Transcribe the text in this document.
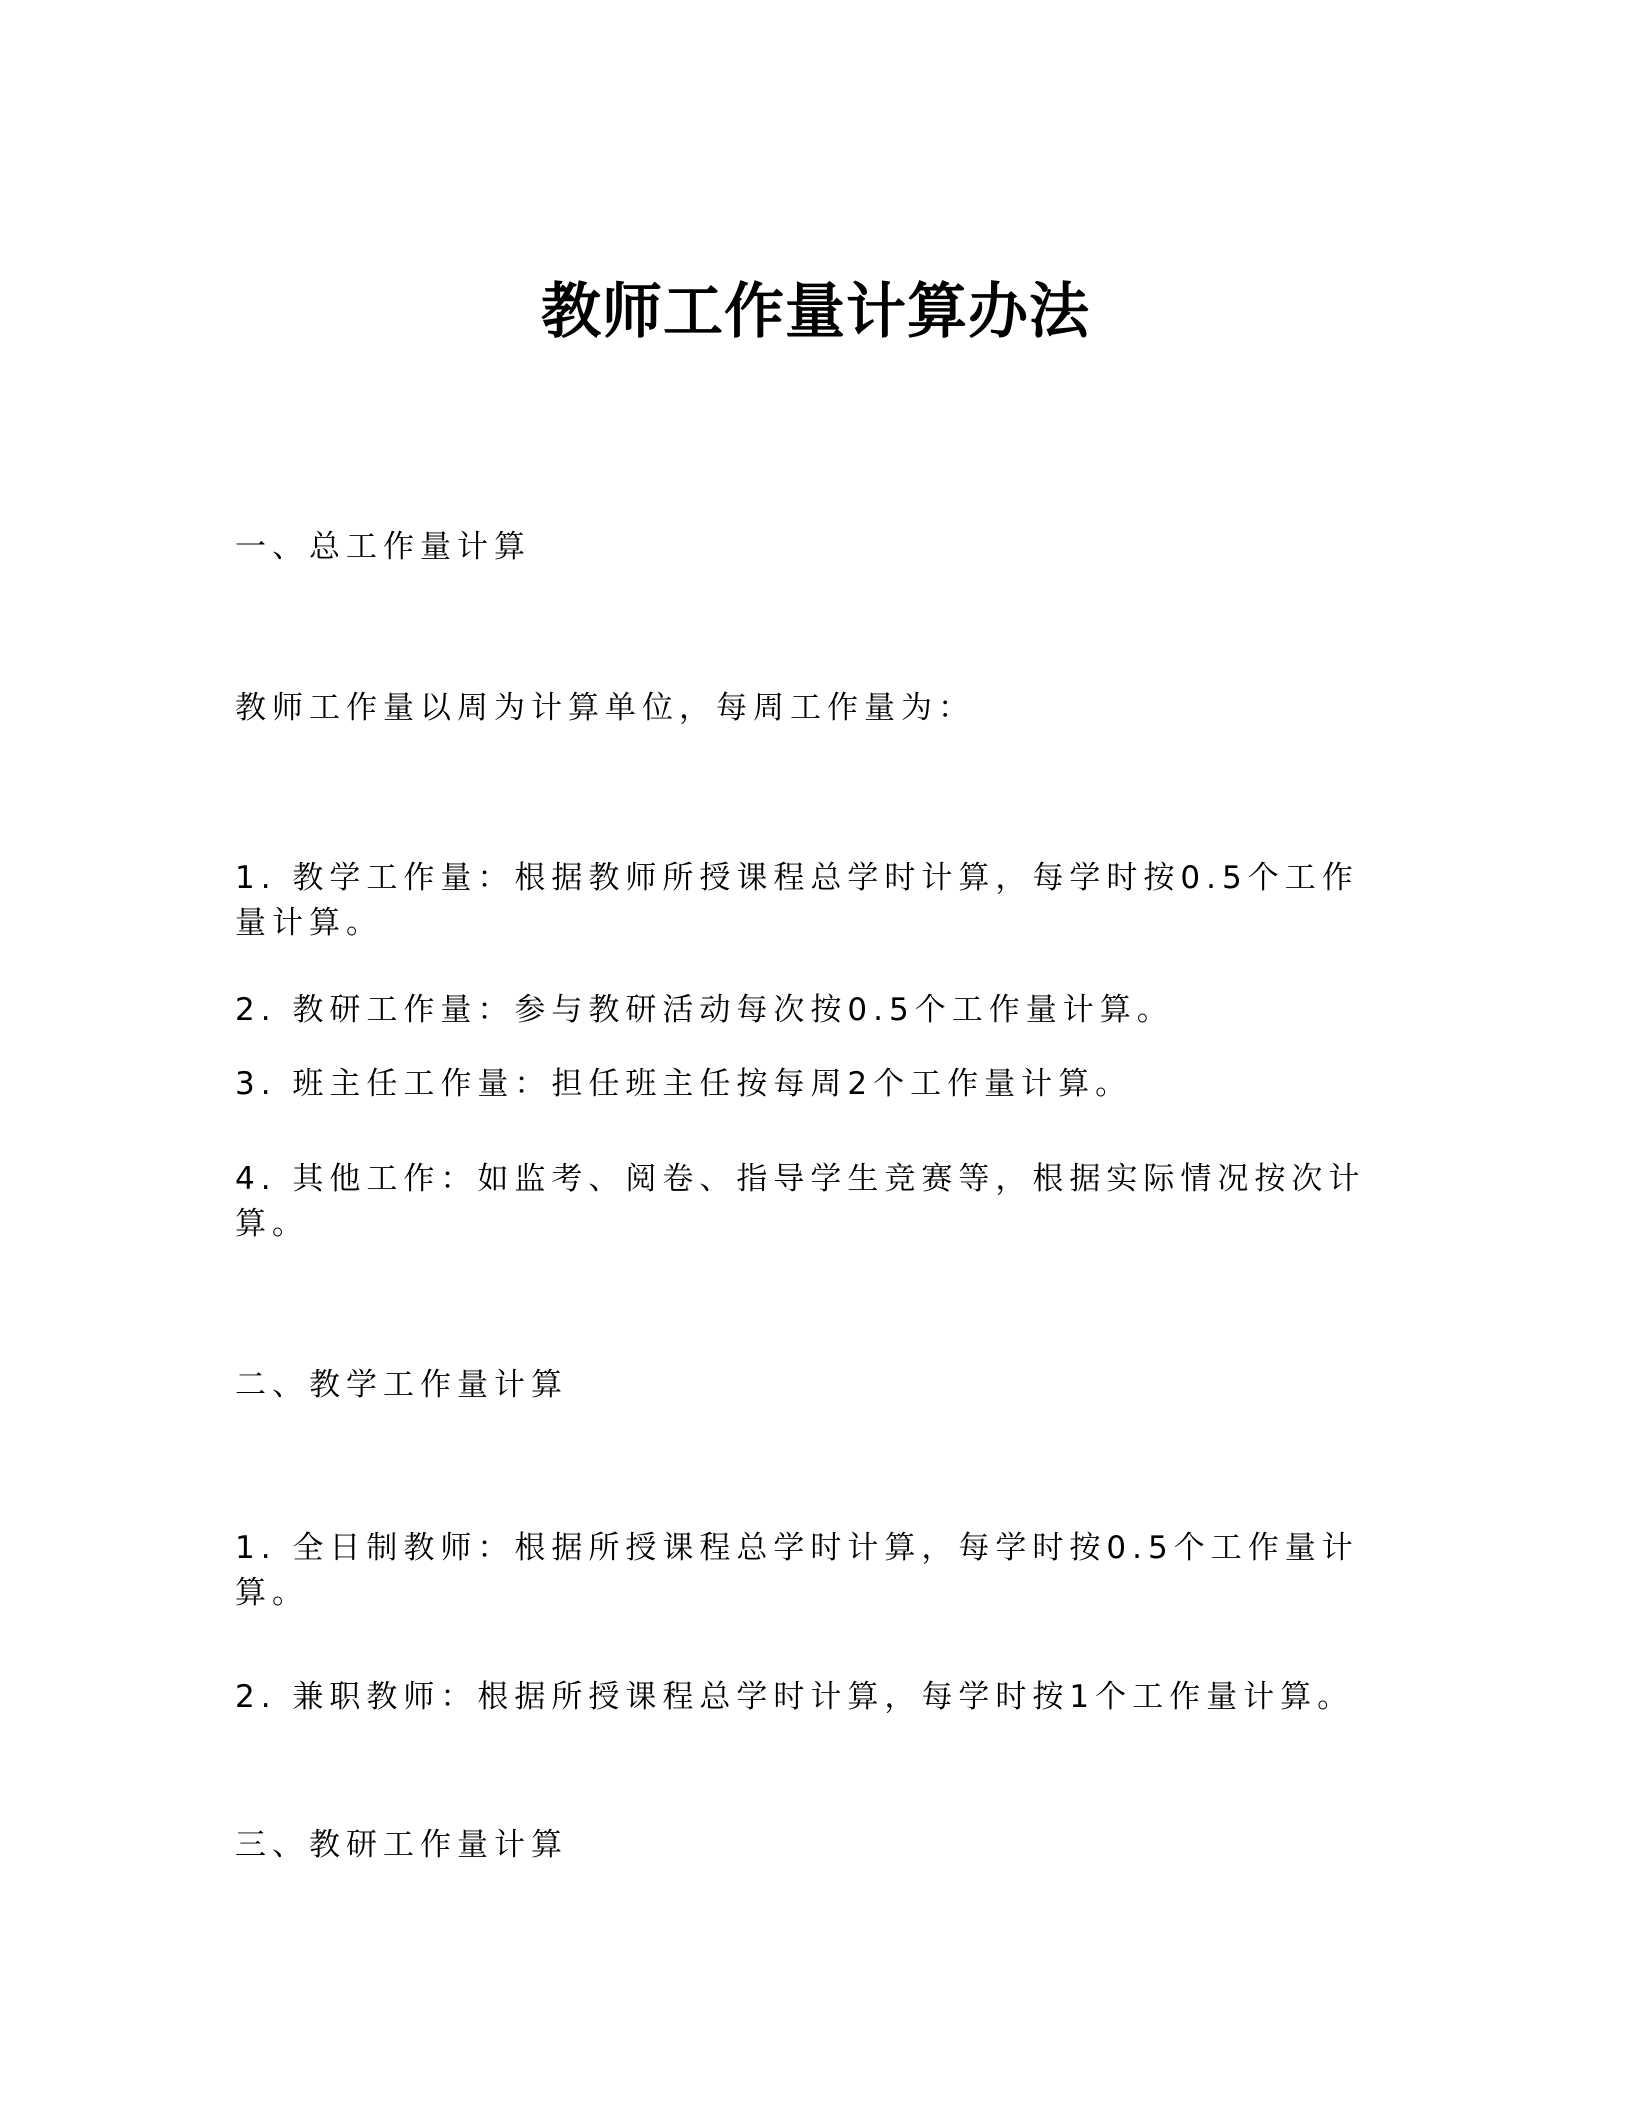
教师工作量计算办法
一、总工作量计算

教师工作量以周为计算单位，每周工作量为：

1. 教学工作量：根据教师所授课程总学时计算，每学时按0.5个工作量计算。

2. 教研工作量：参与教研活动每次按0.5个工作量计算。

3. 班主任工作量：担任班主任按每周2个工作量计算。

4. 其他工作：如监考、阅卷、指导学生竞赛等，根据实际情况按次计算。

二、教学工作量计算

1. 全日制教师：根据所授课程总学时计算，每学时按0.5个工作量计算。

2. 兼职教师：根据所授课程总学时计算，每学时按1个工作量计算。

三、教研工作量计算
